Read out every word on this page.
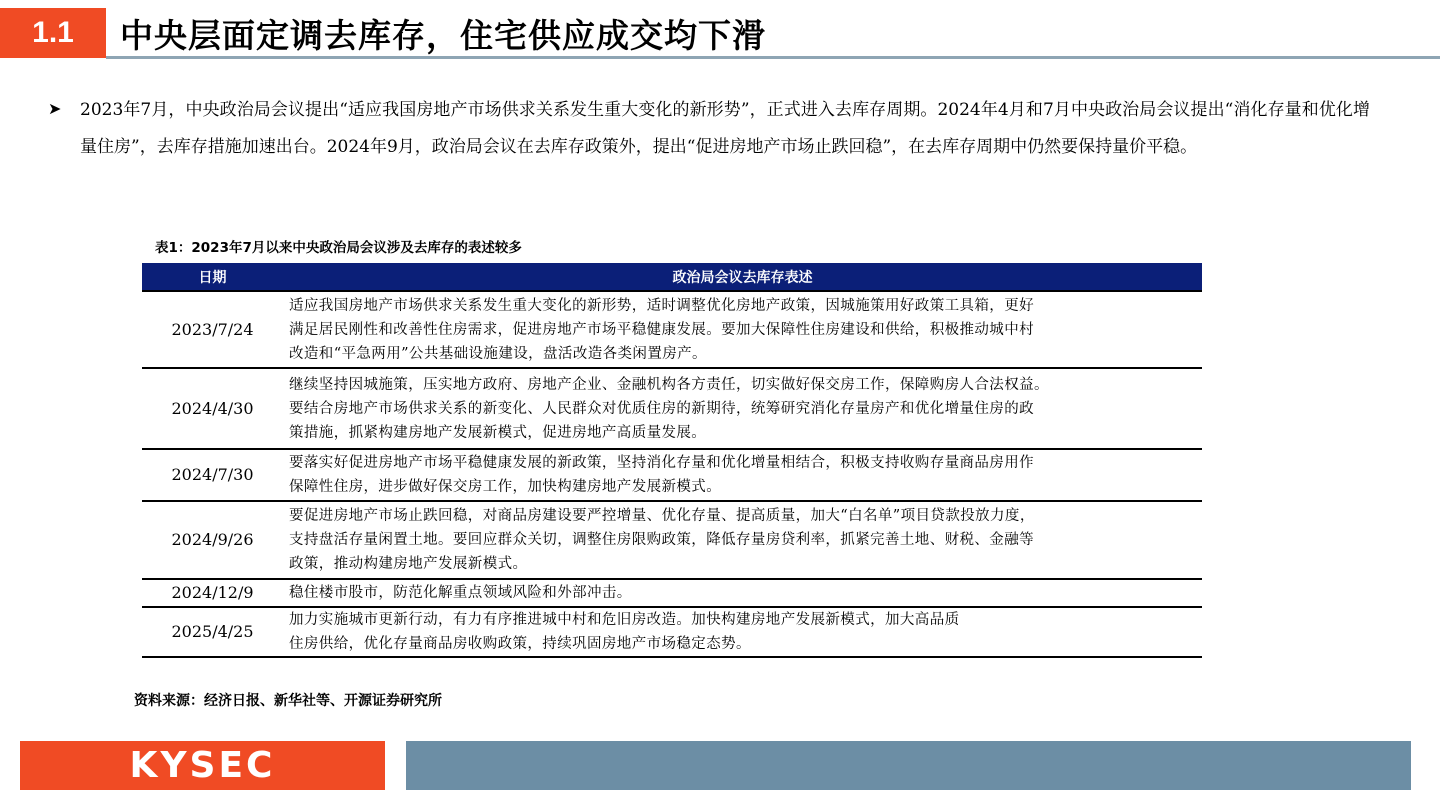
1.1	中央层面定调去库存，住宅供应成交均下滑
➤ 2023年7月，中央政治局会议提出“适应我国房地产市场供求关系发生重大变化的新形势”，正式进入去库存周期。2024年4月和7月中央政治局会议提出“消化存量和优化增量住房”，去库存措施加速出台。2024年9月，政治局会议在去库存政策外，提出“促进房地产市场止跌回稳”，在去库存周期中仍然要保持量价平稳。

表1：2023年7月以来中央政治局会议涉及去库存的表述较多
日期	政治局会议去库存表述
2023/7/24	适应我国房地产市场供求关系发生重大变化的新形势，适时调整优化房地产政策，因城施策用好政策工具箱，更好
满足居民刚性和改善性住房需求，促进房地产市场平稳健康发展。要加大保障性住房建设和供给，积极推动城中村
改造和“平急两用”公共基础设施建设，盘活改造各类闲置房产。

2024/4/30	继续坚持因城施策，压实地方政府、房地产企业、金融机构各方责任，切实做好保交房工作，保障购房人合法权益。
要结合房地产市场供求关系的新变化、人民群众对优质住房的新期待，统筹研究消化存量房产和优化增量住房的政
策措施，抓紧构建房地产发展新模式，促进房地产高质量发展。

2024/7/30	要落实好促进房地产市场平稳健康发展的新政策，坚持消化存量和优化增量相结合，积极支持收购存量商品房用作
保障性住房，进步做好保交房工作，加快构建房地产发展新模式。

2024/9/26	要促进房地产市场止跌回稳，对商品房建设要严控增量、优化存量、提高质量，加大“白名单”项目贷款投放力度，
支持盘活存量闲置土地。要回应群众关切，调整住房限购政策，降低存量房贷利率，抓紧完善土地、财税、金融等
政策，推动构建房地产发展新模式。

2024/12/9	稳住楼市股市，防范化解重点领域风险和外部冲击。

2025/4/25	加力实施城市更新行动，有力有序推进城中村和危旧房改造。加快构建房地产发展新模式，加大高品质
住房供给，优化存量商品房收购政策，持续巩固房地产市场稳定态势。
资料来源：经济日报、新华社等、开源证券研究所
KYSEC
